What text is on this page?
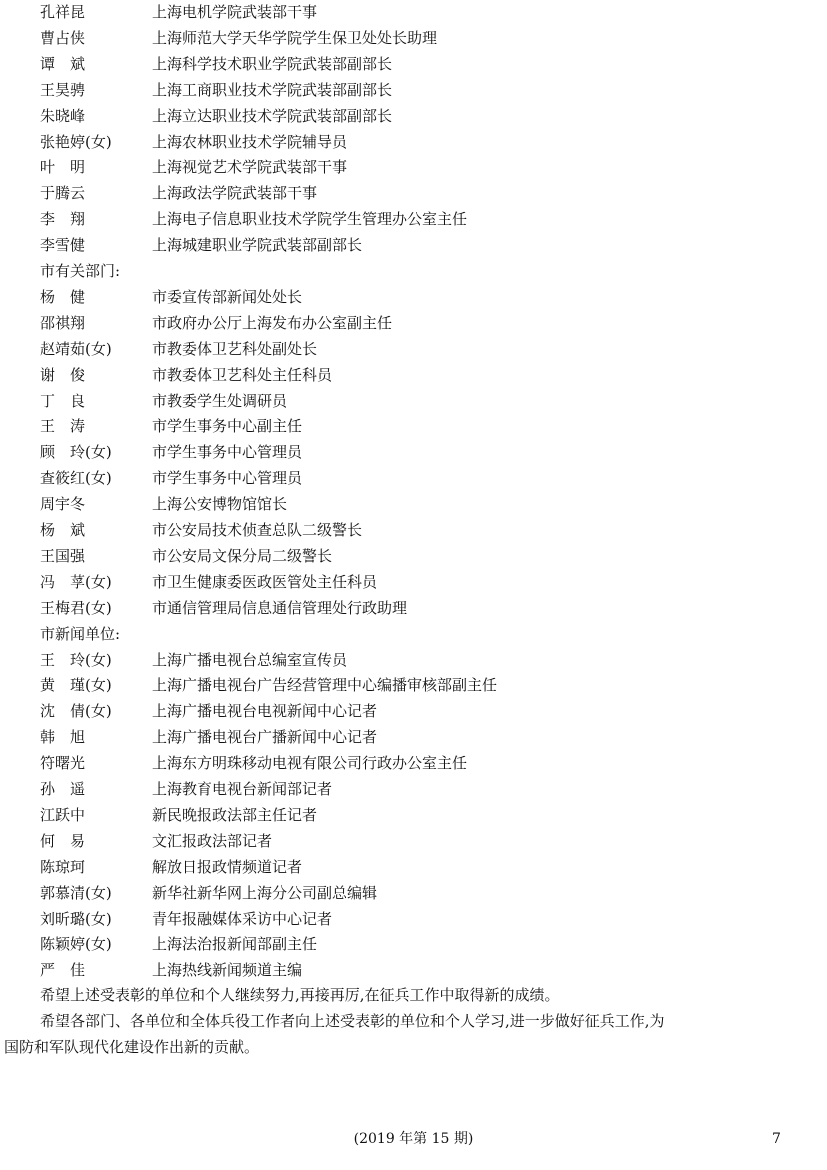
孔祥昆	上海电机学院武装部干事
曹占侠	上海师范大学天华学院学生保卫处处长助理
谭　斌	上海科学技术职业学院武装部副部长
王昊骋	上海工商职业技术学院武装部副部长
朱晓峰	上海立达职业技术学院武装部副部长
张艳婷(女)	上海农林职业技术学院辅导员
叶　明	上海视觉艺术学院武装部干事
于腾云	上海政法学院武装部干事
李　翔	上海电子信息职业技术学院学生管理办公室主任
李雪健	上海城建职业学院武装部副部长
市有关部门:
杨　健	市委宣传部新闻处处长
邵祺翔	市政府办公厅上海发布办公室副主任
赵靖茹(女)	市教委体卫艺科处副处长
谢　俊	市教委体卫艺科处主任科员
丁　良	市教委学生处调研员
王　涛	市学生事务中心副主任
顾　玲(女)	市学生事务中心管理员
查筱红(女)	市学生事务中心管理员
周宇冬	上海公安博物馆馆长
杨　斌	市公安局技术侦查总队二级警长
王国强	市公安局文保分局二级警长
冯　莩(女)	市卫生健康委医政医管处主任科员
王梅君(女)	市通信管理局信息通信管理处行政助理
市新闻单位:
王　玲(女)	上海广播电视台总编室宣传员
黄　瑾(女)	上海广播电视台广告经营管理中心编播审核部副主任
沈　倩(女)	上海广播电视台电视新闻中心记者
韩　旭	上海广播电视台广播新闻中心记者
符曙光	上海东方明珠移动电视有限公司行政办公室主任
孙　遥	上海教育电视台新闻部记者
江跃中	新民晚报政法部主任记者
何　易	文汇报政法部记者
陈琼珂	解放日报政情频道记者
郭慕清(女)	新华社新华网上海分公司副总编辑
刘昕璐(女)	青年报融媒体采访中心记者
陈颖婷(女)	上海法治报新闻部副主任
严　佳	上海热线新闻频道主编
希望上述受表彰的单位和个人继续努力,再接再厉,在征兵工作中取得新的成绩。
希望各部门、各单位和全体兵役工作者向上述受表彰的单位和个人学习,进一步做好征兵工作,为
国防和军队现代化建设作出新的贡献。
(2019 年第 15 期)	7
